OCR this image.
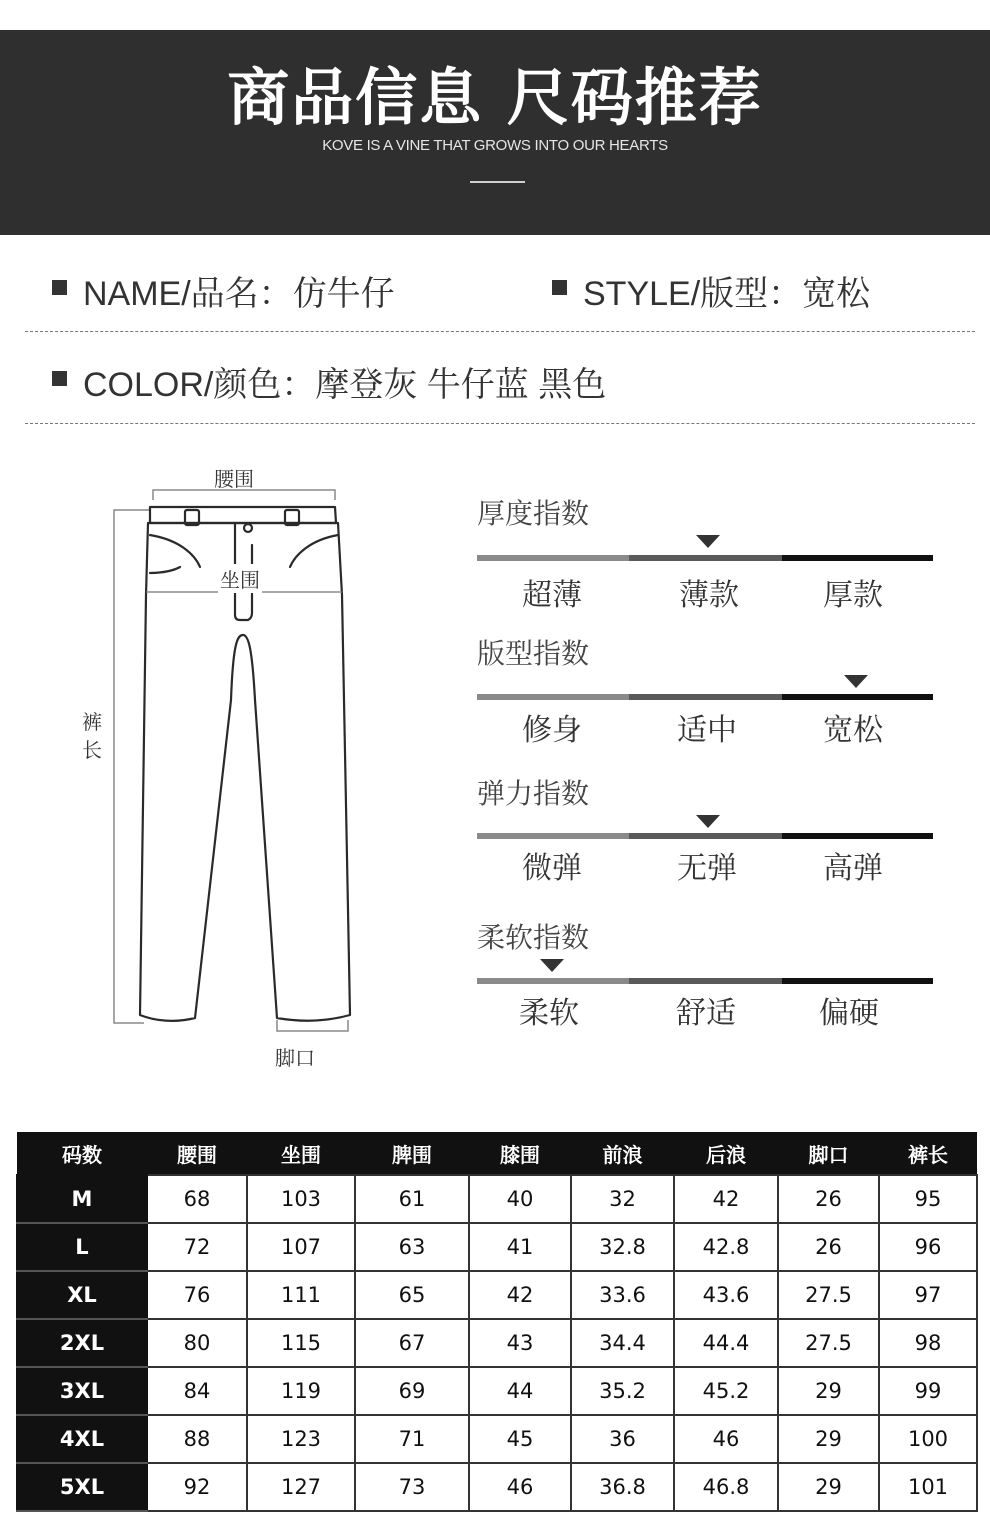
商品信息 尺码推荐
KOVE IS A VINE THAT GROWS INTO OUR HEARTS
NAME/品名：仿牛仔	STYLE/版型：宽松
COLOR/颜色：摩登灰 牛仔蓝 黑色
腰围
坐围
裤
长
脚口
厚度指数
超薄	薄款	厚款
版型指数
修身	适中	宽松
弹力指数
微弹	无弹	高弹
柔软指数
柔软	舒适	偏硬
码数	腰围	坐围	脾围	膝围	前浪	后浪	脚口	裤长
M	68	103	61	40	32	42	26	95
L	72	107	63	41	32.8	42.8	26	96
XL	76	111	65	42	33.6	43.6	27.5	97
2XL	80	115	67	43	34.4	44.4	27.5	98
3XL	84	119	69	44	35.2	45.2	29	99
4XL	88	123	71	45	36	46	29	100
5XL	92	127	73	46	36.8	46.8	29	101
